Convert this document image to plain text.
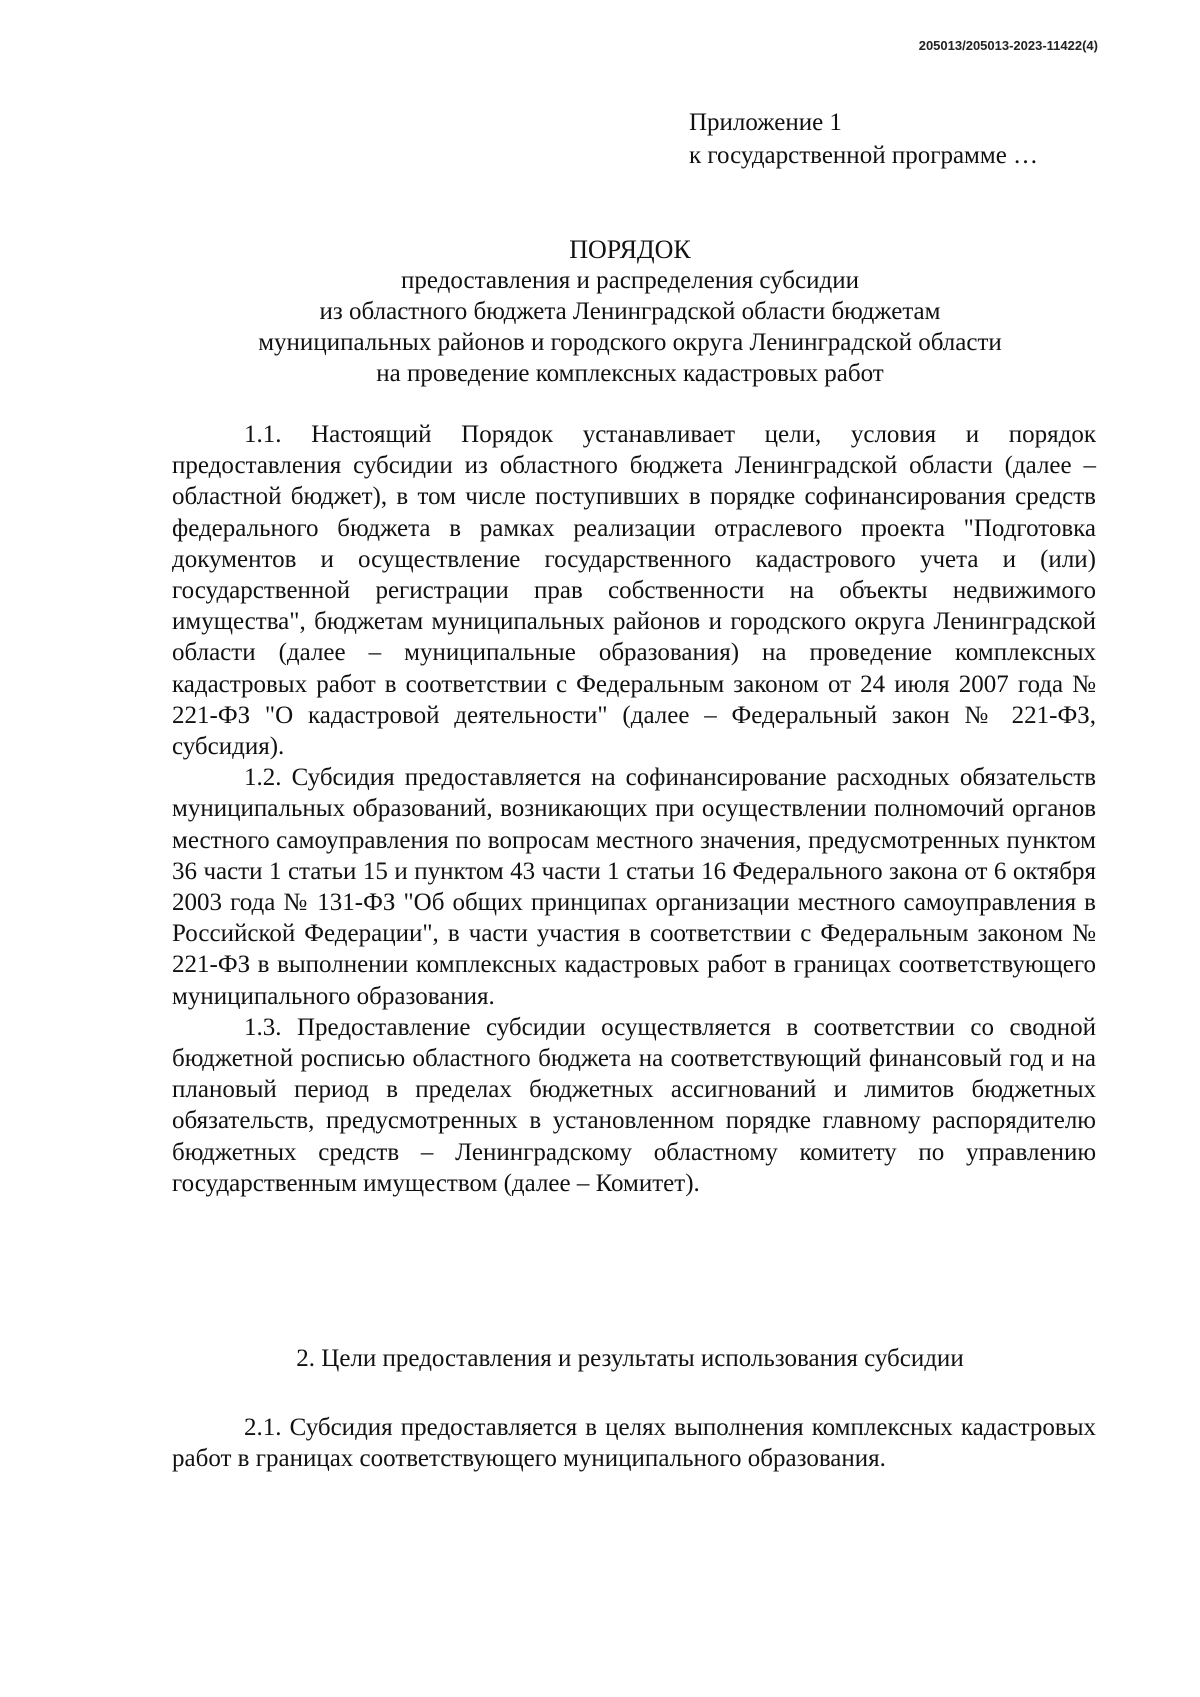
205013/205013-2023-11422(4)
Приложение 1
к государственной программе …
ПОРЯДОК
предоставления и распределения субсидии
из областного бюджета Ленинградской области бюджетам
муниципальных районов и городского округа Ленинградской области
на проведение комплексных кадастровых работ

1.1. Настоящий Порядок устанавливает цели, условия и порядок предоставления субсидии из областного бюджета Ленинградской области (далее – областной бюджет), в том числе поступивших в порядке софинансирования средств федерального бюджета в рамках реализации отраслевого проекта "Подготовка документов и осуществление государственного кадастрового учета и (или) государственной регистрации прав собственности на объекты недвижимого имущества", бюджетам муниципальных районов и городского округа Ленинградской области (далее – муниципальные образования) на проведение комплексных кадастровых работ в соответствии с Федеральным законом от 24 июля 2007 года № 221-ФЗ "О кадастровой деятельности" (далее – Федеральный закон № 221-ФЗ, субсидия).

1.2. Субсидия предоставляется на софинансирование расходных обязательств муниципальных образований, возникающих при осуществлении полномочий органов местного самоуправления по вопросам местного значения, предусмотренных пунктом 36 части 1 статьи 15 и пунктом 43 части 1 статьи 16 Федерального закона от 6 октября 2003 года № 131-ФЗ "Об общих принципах организации местного самоуправления в Российской Федерации", в части участия в соответствии с Федеральным законом № 221-ФЗ в выполнении комплексных кадастровых работ в границах соответствующего муниципального образования.

1.3. Предоставление субсидии осуществляется в соответствии со сводной бюджетной росписью областного бюджета на соответствующий финансовый год и на плановый период в пределах бюджетных ассигнований и лимитов бюджетных обязательств, предусмотренных в установленном порядке главному распорядителю бюджетных средств – Ленинградскому областному комитету по управлению государственным имуществом (далее – Комитет).

2. Цели предоставления и результаты использования субсидии

2.1. Субсидия предоставляется в целях выполнения комплексных кадастровых работ в границах соответствующего муниципального образования.
